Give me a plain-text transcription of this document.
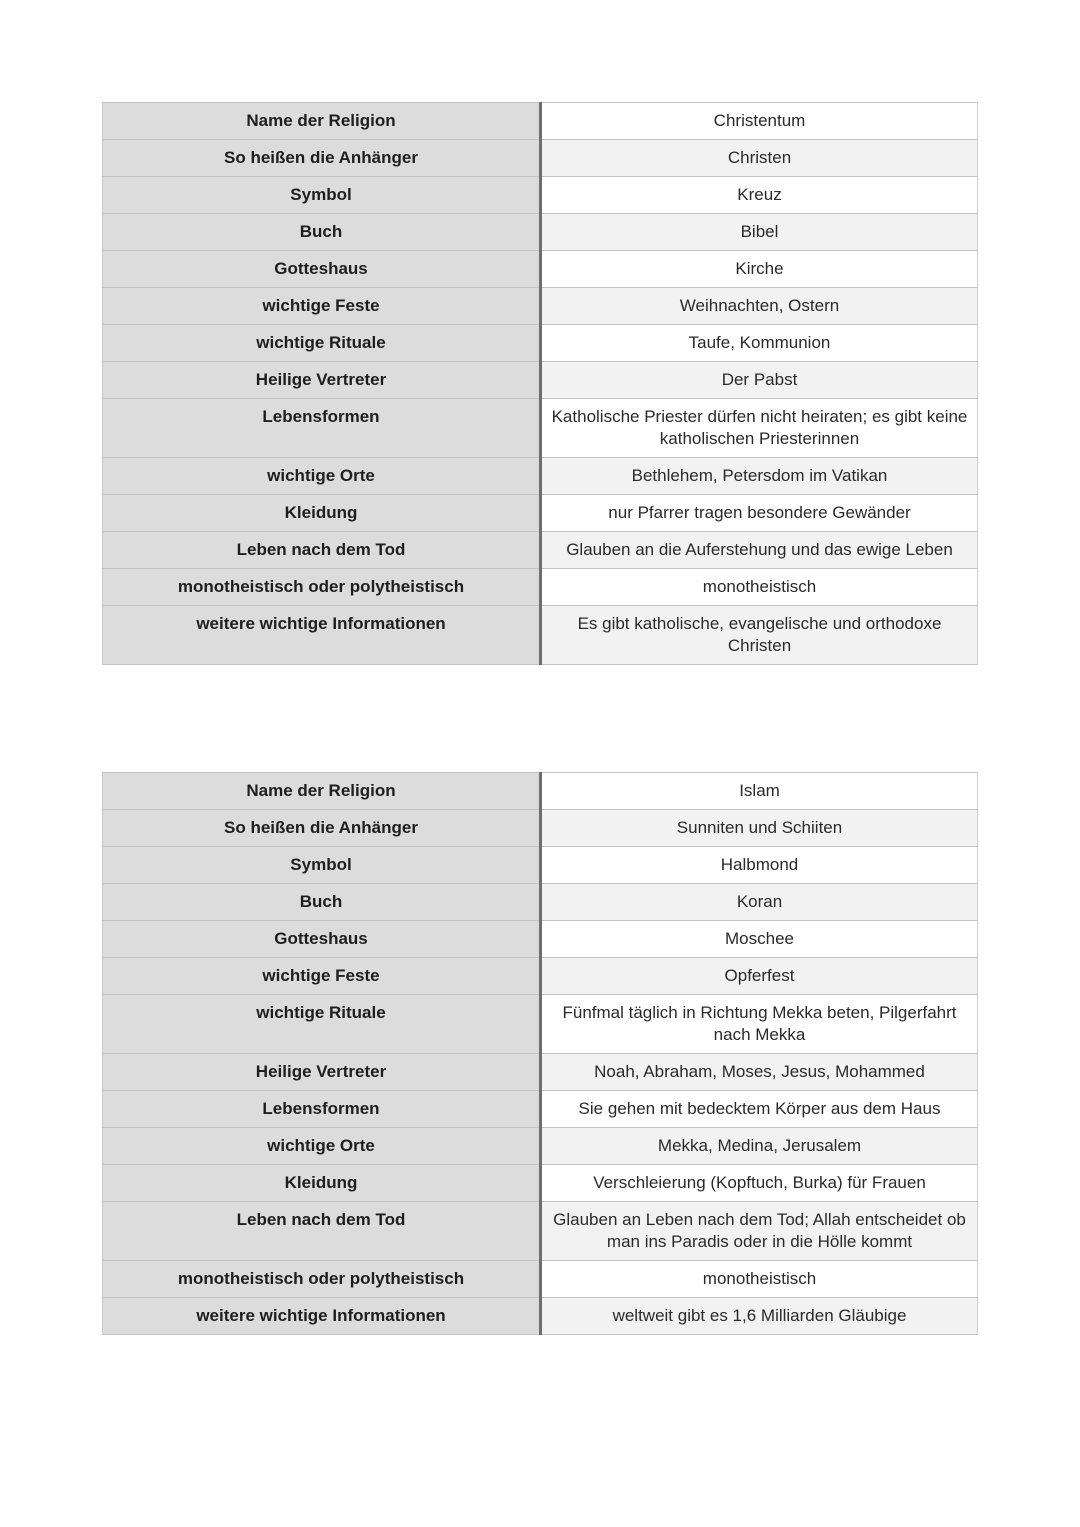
Name der Religion	Christentum
So heißen die Anhänger	Christen
Symbol	Kreuz
Buch	Bibel
Gotteshaus	Kirche
wichtige Feste	Weihnachten, Ostern
wichtige Rituale	Taufe, Kommunion
Heilige Vertreter	Der Pabst
Lebensformen	Katholische Priester dürfen nicht heiraten; es gibt keine katholischen Priesterinnen
wichtige Orte	Bethlehem, Petersdom im Vatikan
Kleidung	nur Pfarrer tragen besondere Gewänder
Leben nach dem Tod	Glauben an die Auferstehung und das ewige Leben
monotheistisch oder polytheistisch	monotheistisch
weitere wichtige Informationen	Es gibt katholische, evangelische und orthodoxe Christen
Name der Religion	Islam
So heißen die Anhänger	Sunniten und Schiiten
Symbol	Halbmond
Buch	Koran
Gotteshaus	Moschee
wichtige Feste	Opferfest
wichtige Rituale	Fünfmal täglich in Richtung Mekka beten, Pilgerfahrt nach Mekka
Heilige Vertreter	Noah, Abraham, Moses, Jesus, Mohammed
Lebensformen	Sie gehen mit bedecktem Körper aus dem Haus
wichtige Orte	Mekka, Medina, Jerusalem
Kleidung	Verschleierung (Kopftuch, Burka) für Frauen
Leben nach dem Tod	Glauben an Leben nach dem Tod; Allah entscheidet ob man ins Paradis oder in die Hölle kommt
monotheistisch oder polytheistisch	monotheistisch
weitere wichtige Informationen	weltweit gibt es 1,6 Milliarden Gläubige
